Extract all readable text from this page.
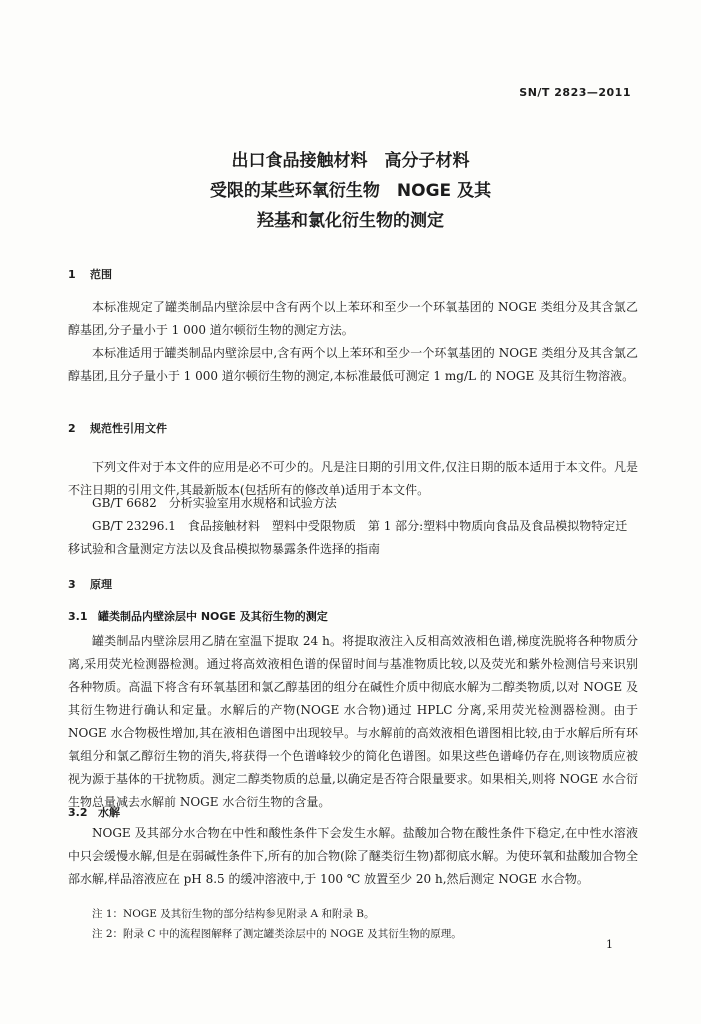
SN/T 2823—2011
出口食品接触材料　高分子材料
受限的某些环氧衍生物　NOGE 及其
羟基和氯化衍生物的测定
1 范围
本标准规定了罐类制品内壁涂层中含有两个以上苯环和至少一个环氧基团的 NOGE 类组分及其含氯乙醇基团,分子量小于 1 000 道尔顿衍生物的测定方法。
本标准适用于罐类制品内壁涂层中,含有两个以上苯环和至少一个环氧基团的 NOGE 类组分及其含氯乙醇基团,且分子量小于 1 000 道尔顿衍生物的测定,本标准最低可测定 1 mg/L 的 NOGE 及其衍生物溶液。
2 规范性引用文件
下列文件对于本文件的应用是必不可少的。凡是注日期的引用文件,仅注日期的版本适用于本文件。凡是不注日期的引用文件,其最新版本(包括所有的修改单)适用于本文件。
GB/T 6682　分析实验室用水规格和试验方法
GB/T 23296.1　食品接触材料　塑料中受限物质　第 1 部分:塑料中物质向食品及食品模拟物特定迁移试验和含量测定方法以及食品模拟物暴露条件选择的指南
3 原理
3.1 罐类制品内壁涂层中 NOGE 及其衍生物的测定
罐类制品内壁涂层用乙腈在室温下提取 24 h。将提取液注入反相高效液相色谱,梯度洗脱将各种物质分离,采用荧光检测器检测。通过将高效液相色谱的保留时间与基准物质比较,以及荧光和紫外检测信号来识别各种物质。高温下将含有环氧基团和氯乙醇基团的组分在碱性介质中彻底水解为二醇类物质,以对 NOGE 及其衍生物进行确认和定量。水解后的产物(NOGE 水合物)通过 HPLC 分离,采用荧光检测器检测。由于 NOGE 水合物极性增加,其在液相色谱图中出现较早。与水解前的高效液相色谱图相比较,由于水解后所有环氧组分和氯乙醇衍生物的消失,将获得一个色谱峰较少的简化色谱图。如果这些色谱峰仍存在,则该物质应被视为源于基体的干扰物质。测定二醇类物质的总量,以确定是否符合限量要求。如果相关,则将 NOGE 水合衍生物总量减去水解前 NOGE 水合衍生物的含量。
3.2 水解
NOGE 及其部分水合物在中性和酸性条件下会发生水解。盐酸加合物在酸性条件下稳定,在中性水溶液中只会缓慢水解,但是在弱碱性条件下,所有的加合物(除了醚类衍生物)都彻底水解。为使环氧和盐酸加合物全部水解,样品溶液应在 pH 8.5 的缓冲溶液中,于 100 ℃ 放置至少 20 h,然后测定 NOGE 水合物。
注 1：NOGE 及其衍生物的部分结构参见附录 A 和附录 B。
注 2：附录 C 中的流程图解释了测定罐类涂层中的 NOGE 及其衍生物的原理。
1
